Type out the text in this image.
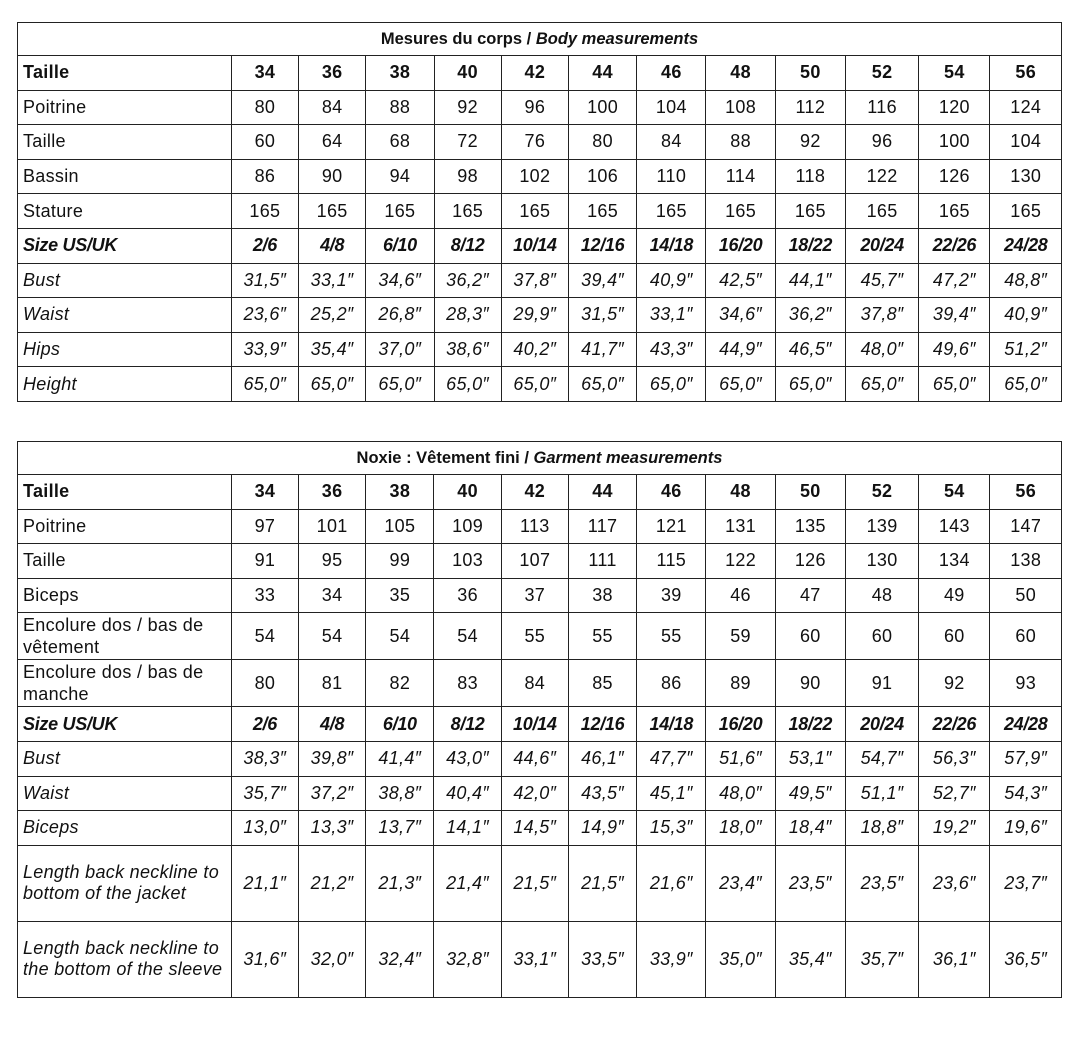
Mesures du corps / Body measurements												
Taille	34	36	38	40	42	44	46	48	50	52	54	56
Poitrine	80	84	88	92	96	100	104	108	112	116	120	124
Taille	60	64	68	72	76	80	84	88	92	96	100	104
Bassin	86	90	94	98	102	106	110	114	118	122	126	130
Stature	165	165	165	165	165	165	165	165	165	165	165	165
Size US/UK	2/6	4/8	6/10	8/12	10/14	12/16	14/18	16/20	18/22	20/24	22/26	24/28
Bust	31,5″	33,1″	34,6″	36,2″	37,8″	39,4″	40,9″	42,5″	44,1″	45,7″	47,2″	48,8″
Waist	23,6″	25,2″	26,8″	28,3″	29,9″	31,5″	33,1″	34,6″	36,2″	37,8″	39,4″	40,9″
Hips	33,9″	35,4″	37,0″	38,6″	40,2″	41,7″	43,3″	44,9″	46,5″	48,0″	49,6″	51,2″
Height	65,0″	65,0″	65,0″	65,0″	65,0″	65,0″	65,0″	65,0″	65,0″	65,0″	65,0″	65,0″
Noxie : Vêtement fini / Garment measurements												
Taille	34	36	38	40	42	44	46	48	50	52	54	56
Poitrine	97	101	105	109	113	117	121	131	135	139	143	147
Taille	91	95	99	103	107	111	115	122	126	130	134	138
Biceps	33	34	35	36	37	38	39	46	47	48	49	50
Encolure dos / bas de vêtement	54	54	54	54	55	55	55	59	60	60	60	60
Encolure dos / bas de manche	80	81	82	83	84	85	86	89	90	91	92	93
Size US/UK	2/6	4/8	6/10	8/12	10/14	12/16	14/18	16/20	18/22	20/24	22/26	24/28
Bust	38,3″	39,8″	41,4″	43,0″	44,6″	46,1″	47,7″	51,6″	53,1″	54,7″	56,3″	57,9″
Waist	35,7″	37,2″	38,8″	40,4″	42,0″	43,5″	45,1″	48,0″	49,5″	51,1″	52,7″	54,3″
Biceps	13,0″	13,3″	13,7″	14,1″	14,5″	14,9″	15,3″	18,0″	18,4″	18,8″	19,2″	19,6″
Length back neckline to bottom of the jacket	21,1″	21,2″	21,3″	21,4″	21,5″	21,5″	21,6″	23,4″	23,5″	23,5″	23,6″	23,7″
Length back neckline to the bottom of the sleeve	31,6″	32,0″	32,4″	32,8″	33,1″	33,5″	33,9″	35,0″	35,4″	35,7″	36,1″	36,5″
